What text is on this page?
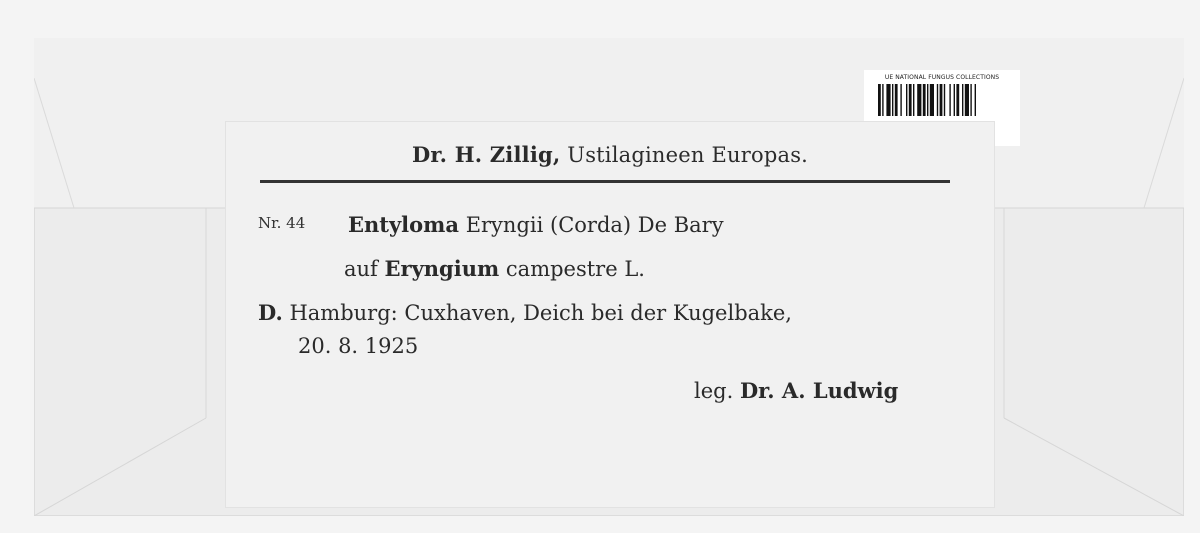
UE NATIONAL FUNGUS COLLECTIONS
Dr. H. Zillig, Ustilagineen Europas.
Nr. 44 Entyloma Eryngii (Corda) De Bary
auf Eryngium campestre L.
D. Hamburg: Cuxhaven, Deich bei der Kugelbake,
20. 8. 1925
leg. Dr. A. Ludwig
